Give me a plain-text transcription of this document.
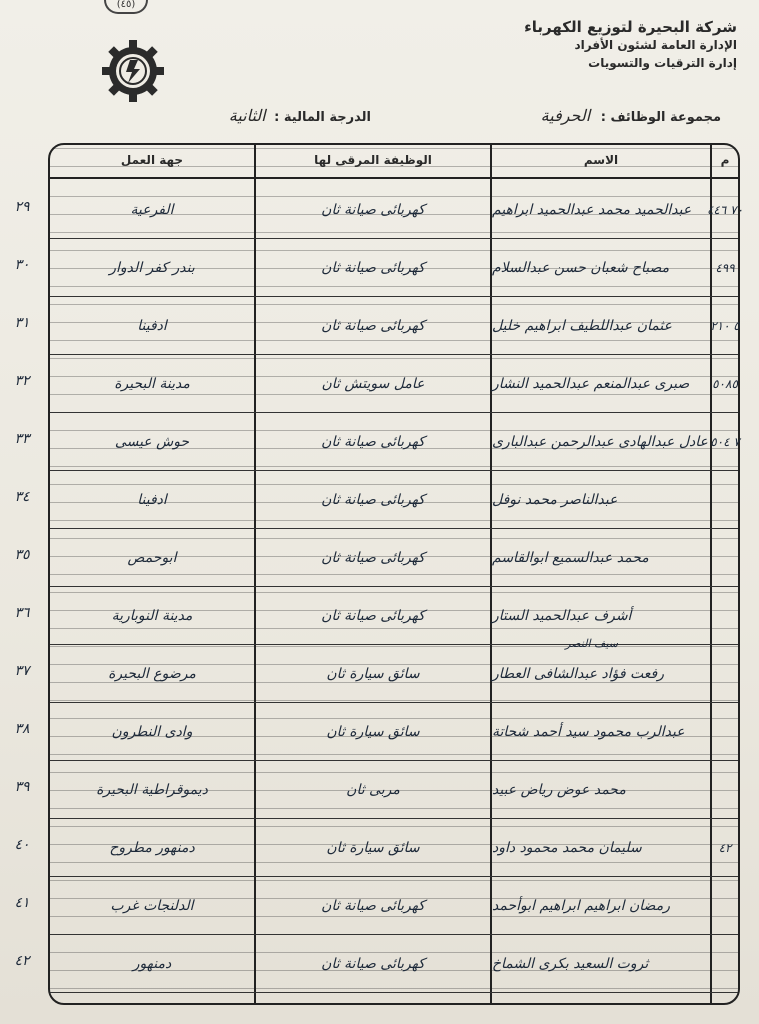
(٤٥)
شركة البحيرة لتوزيع الكهرباء
الإدارة العامة لشئون الأفراد
إدارة الترقيات والتسويات
مجموعة الوظائف : الحرفية
الدرجة المالية : الثانية
م
الاسم
الوظيفة المرقى لها
جهة العمل
٧٠ ٤٤٦
عبدالحميد محمد عبدالحميد ابراهيم
كهربائى صيانة ثان
الفرعية
٤٩٩
مصباح شعبان حسن عبدالسلام
كهربائى صيانة ثان
بندر كفر الدوار
٥ ٢١٠
عثمان عبداللطيف ابراهيم خليل
كهربائى صيانة ثان
ادفينا
٥٠٨٥
صبرى عبدالمنعم عبدالحميد النشار
عامل سويتش ثان
مدينة البحيرة
٧ ٥٠٤
عادل عبدالهادى عبدالرحمن عبدالبارى
كهربائى صيانة ثان
حوش عيسى
عبدالناصر محمد نوفل
كهربائى صيانة ثان
ادفينا
محمد عبدالسميع ابوالقاسم
كهربائى صيانة ثان
ابوحمص
أشرف عبدالحميد الستار
كهربائى صيانة ثان
مدينة النوبارية
رفعت فؤاد عبدالشافى العطار
سائق سيارة ثان
مرضوع البحيرة
سيف النصر
عبدالرب محمود سيد أحمد شحاتة
سائق سيارة ثان
وادى النطرون
محمد عوض رياض عبيد
مربى ثان
ديموقراطية البحيرة
٤٢
سليمان محمد محمود داود
سائق سيارة ثان
دمنهور مطروح
رمضان ابراهيم ابراهيم ابوأحمد
كهربائى صيانة ثان
الدلنجات غرب
ثروت السعيد بكرى الشماخ
كهربائى صيانة ثان
دمنهور
٢٩
٣٠
٣١
٣٢
٣٣
٣٤
٣٥
٣٦
٣٧
٣٨
٣٩
٤٠
٤١
٤٢
